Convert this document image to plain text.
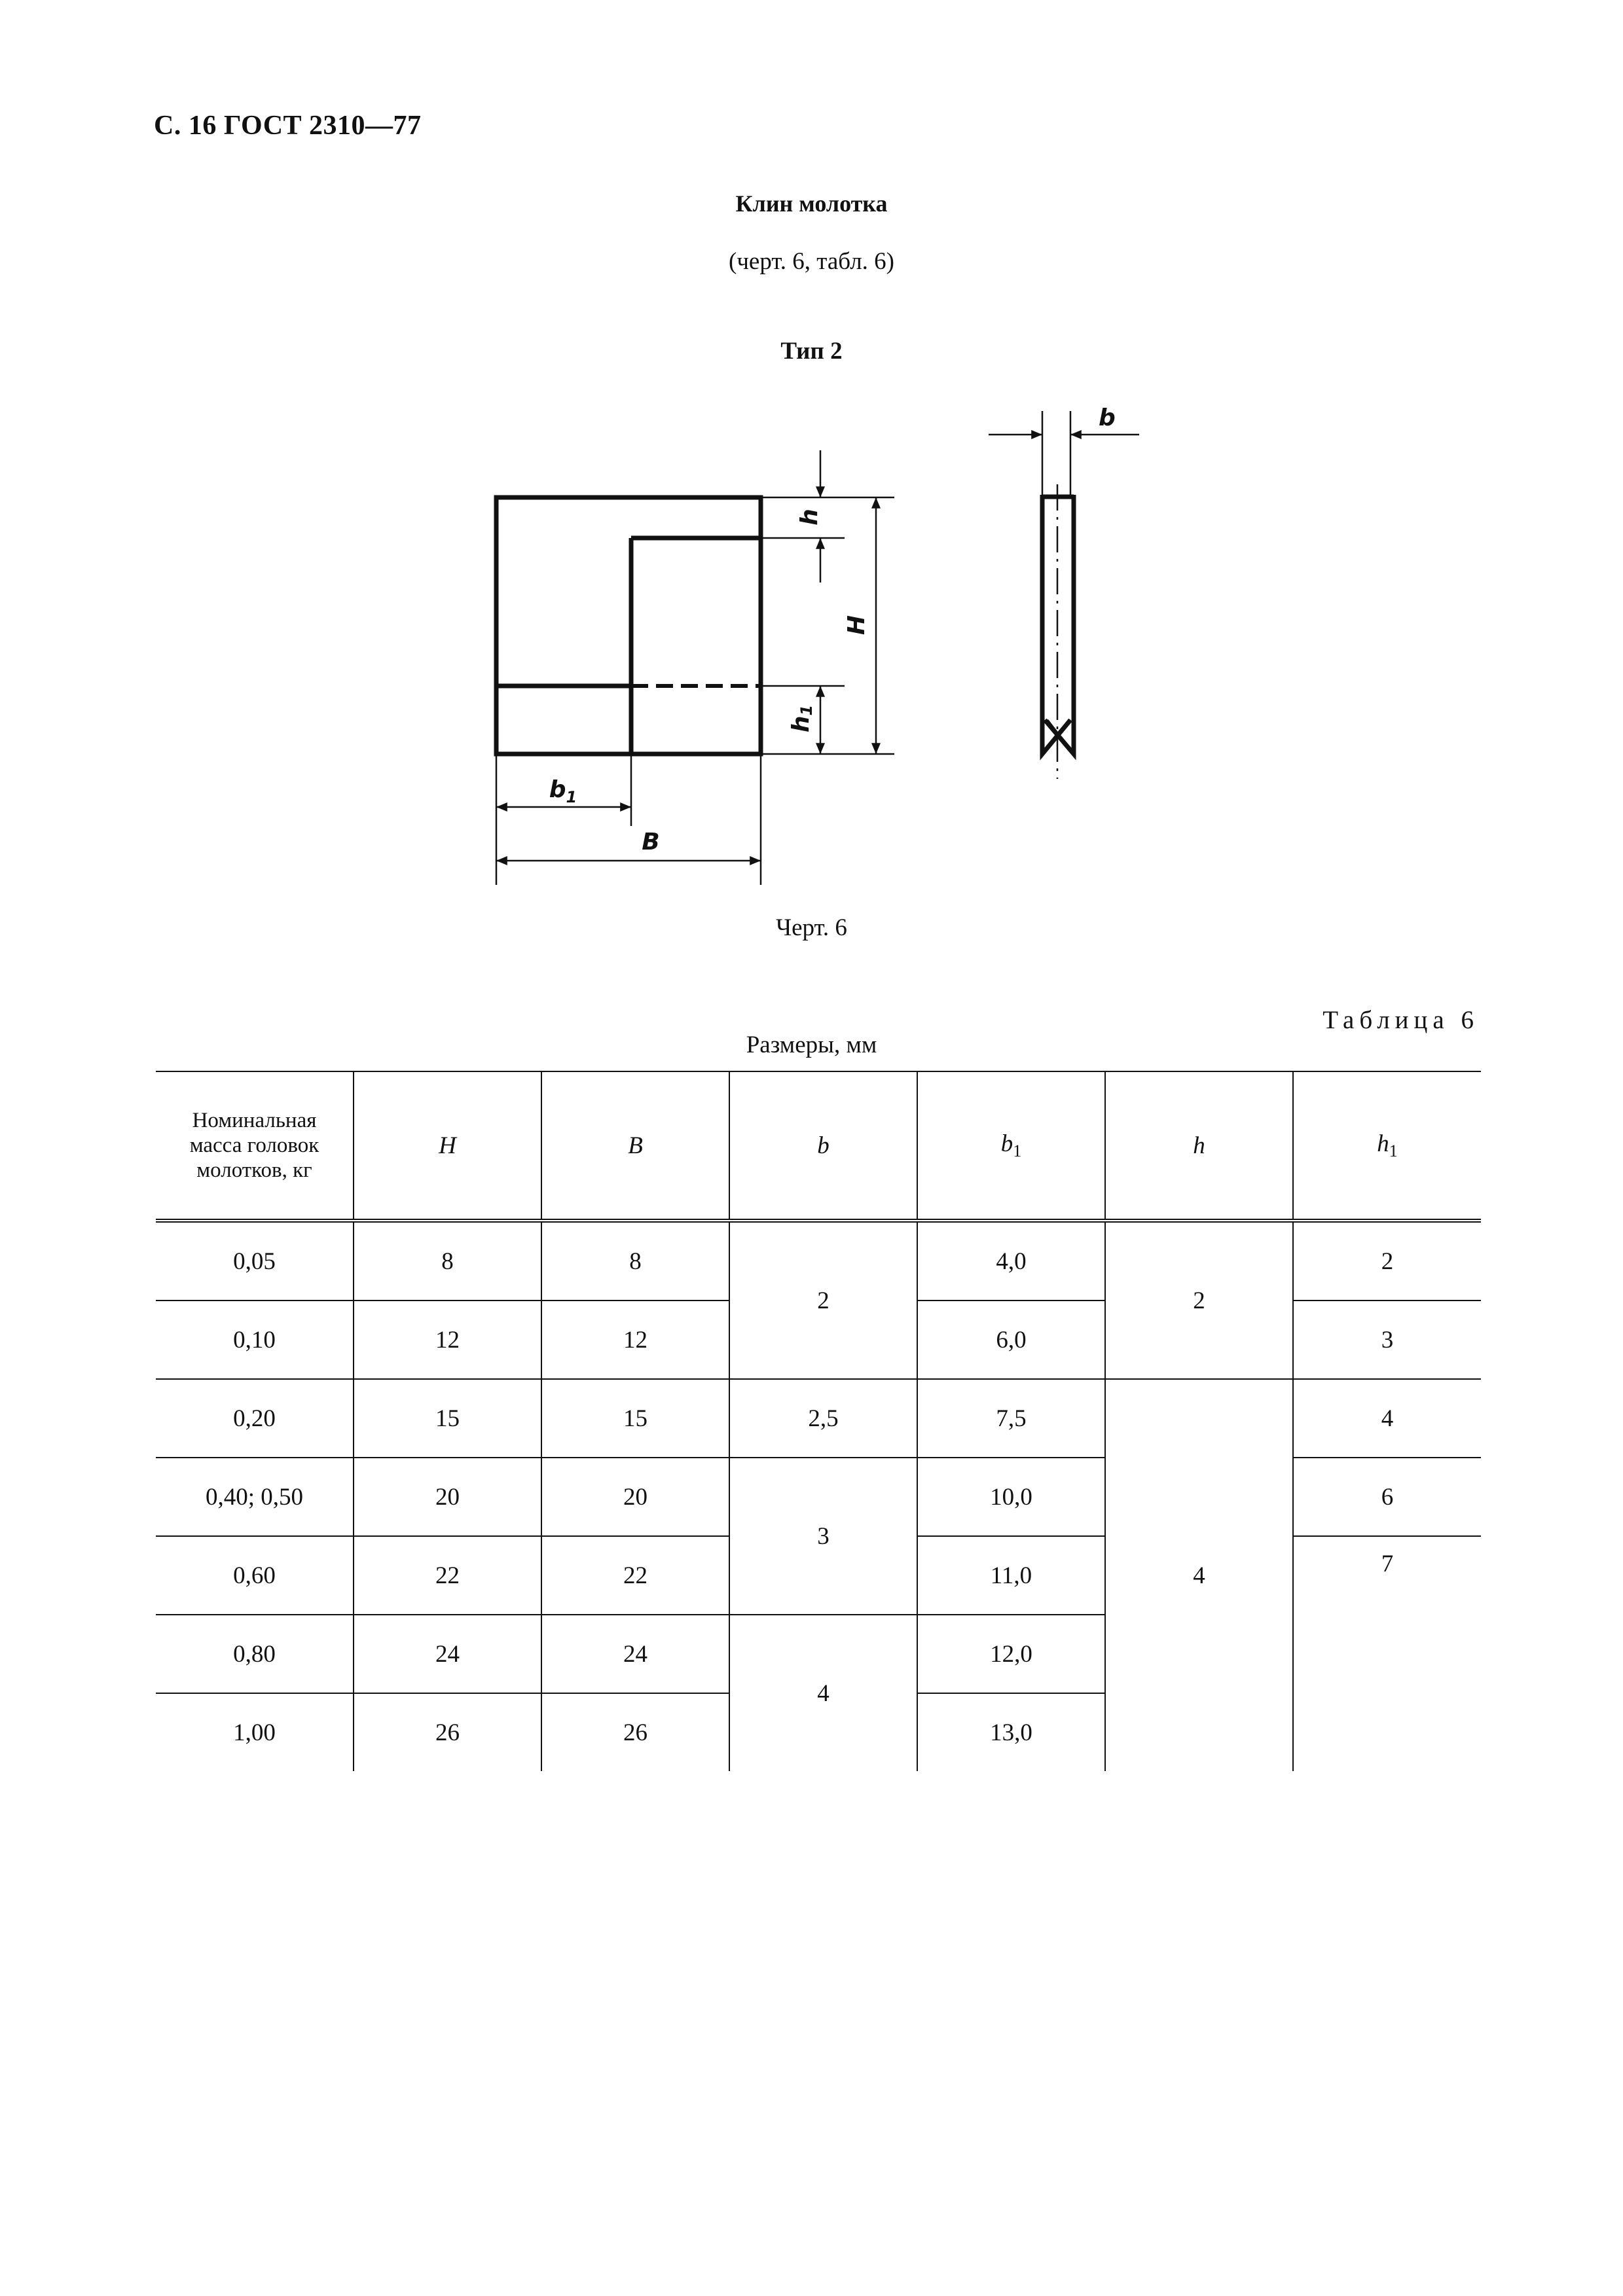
С. 16 ГОСТ 2310—77
Клин молотка
(черт. 6, табл. 6)
Тип 2
h
H
$h_1$
$b_1$
B
b
Черт. 6
Таблица 6
Размеры, мм
Номинальная
масса головок
молотков, кг	H	B	b	$b_1$	h	$h_1$
0,05	8	8	2	4,0	2	2
0,10	12	12		6,0		3
0,20	15	15	2,5	7,5	4	4
0,40; 0,50	20	20	3	10,0		6
0,60	22	22		11,0		7
0,80	24	24	4	12,0		
1,00	26	26		13,0		
